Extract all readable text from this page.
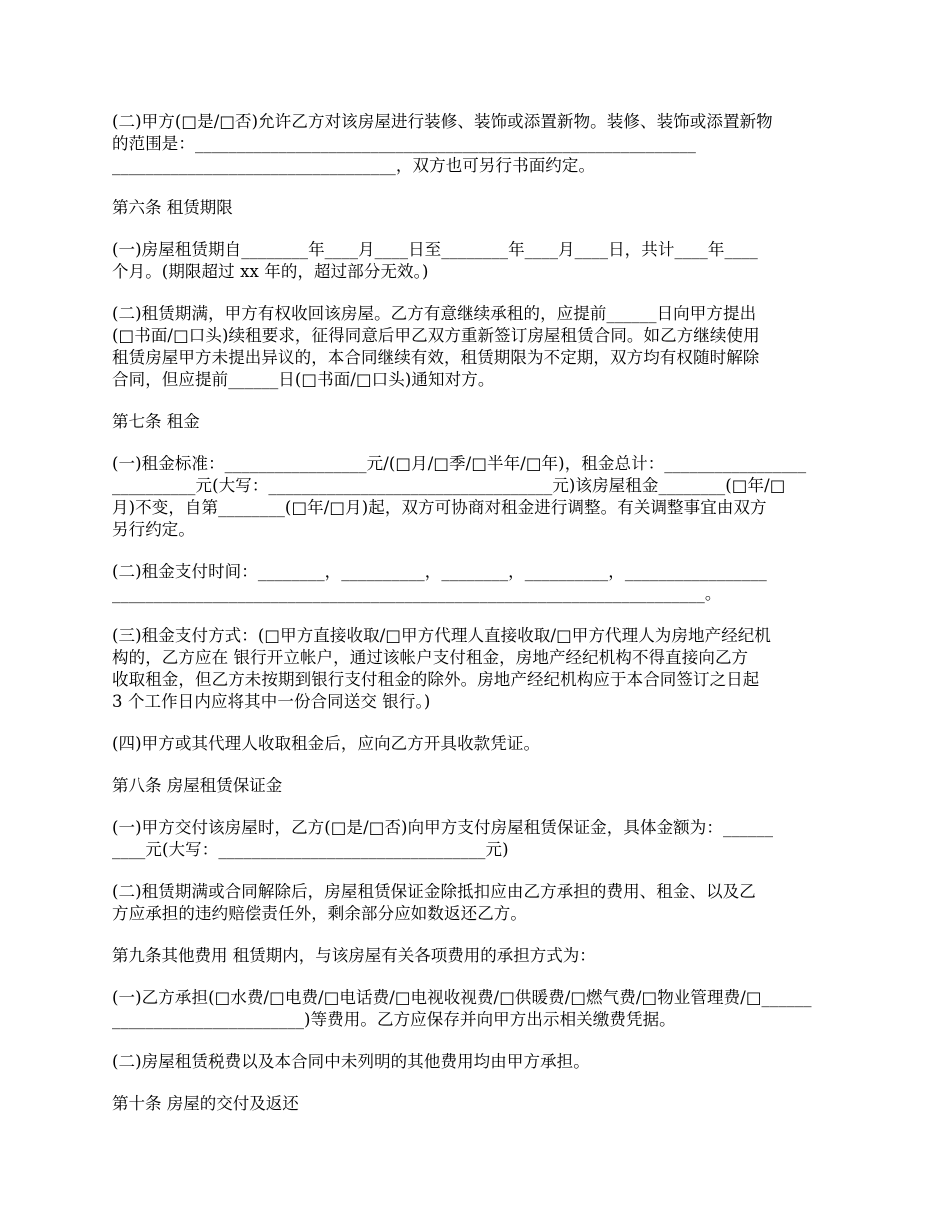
(二)甲方(□是/□否)允许乙方对该房屋进行装修、装饰或添置新物。装修、装饰或添置新物
的范围是：____________________________________________________________
__________________________________，双方也可另行书面约定。

第六条 租赁期限

(一)房屋租赁期自________年____月____日至________年____月____日，共计____年____
个月。(期限超过 xx 年的，超过部分无效。)

(二)租赁期满，甲方有权收回该房屋。乙方有意继续承租的，应提前______日向甲方提出
(□书面/□口头)续租要求，征得同意后甲乙双方重新签订房屋租赁合同。如乙方继续使用
租赁房屋甲方未提出异议的，本合同继续有效，租赁期限为不定期，双方均有权随时解除
合同，但应提前______日(□书面/□口头)通知对方。

第七条 租金

(一)租金标准：_________________元/(□月/□季/□半年/□年)，租金总计：_________________
__________元(大写：__________________________________元)该房屋租金________(□年/□
月)不变，自第________(□年/□月)起，双方可协商对租金进行调整。有关调整事宜由双方
另行约定。

(二)租金支付时间：________，__________，________，__________，_________________
_______________________________________________________________________。

(三)租金支付方式：(□甲方直接收取/□甲方代理人直接收取/□甲方代理人为房地产经纪机
构的，乙方应在 银行开立帐户，通过该帐户支付租金，房地产经纪机构不得直接向乙方
收取租金，但乙方未按期到银行支付租金的除外。房地产经纪机构应于本合同签订之日起
3 个工作日内应将其中一份合同送交 银行。)

(四)甲方或其代理人收取租金后，应向乙方开具收款凭证。

第八条 房屋租赁保证金

(一)甲方交付该房屋时，乙方(□是/□否)向甲方支付房屋租赁保证金，具体金额为：______
____元(大写：________________________________元)

(二)租赁期满或合同解除后，房屋租赁保证金除抵扣应由乙方承担的费用、租金、以及乙
方应承担的违约赔偿责任外，剩余部分应如数返还乙方。

第九条其他费用 租赁期内，与该房屋有关各项费用的承担方式为：

(一)乙方承担(□水费/□电费/□电话费/□电视收视费/□供暖费/□燃气费/□物业管理费/□______
_______________________)等费用。乙方应保存并向甲方出示相关缴费凭据。

(二)房屋租赁税费以及本合同中未列明的其他费用均由甲方承担。

第十条 房屋的交付及返还
